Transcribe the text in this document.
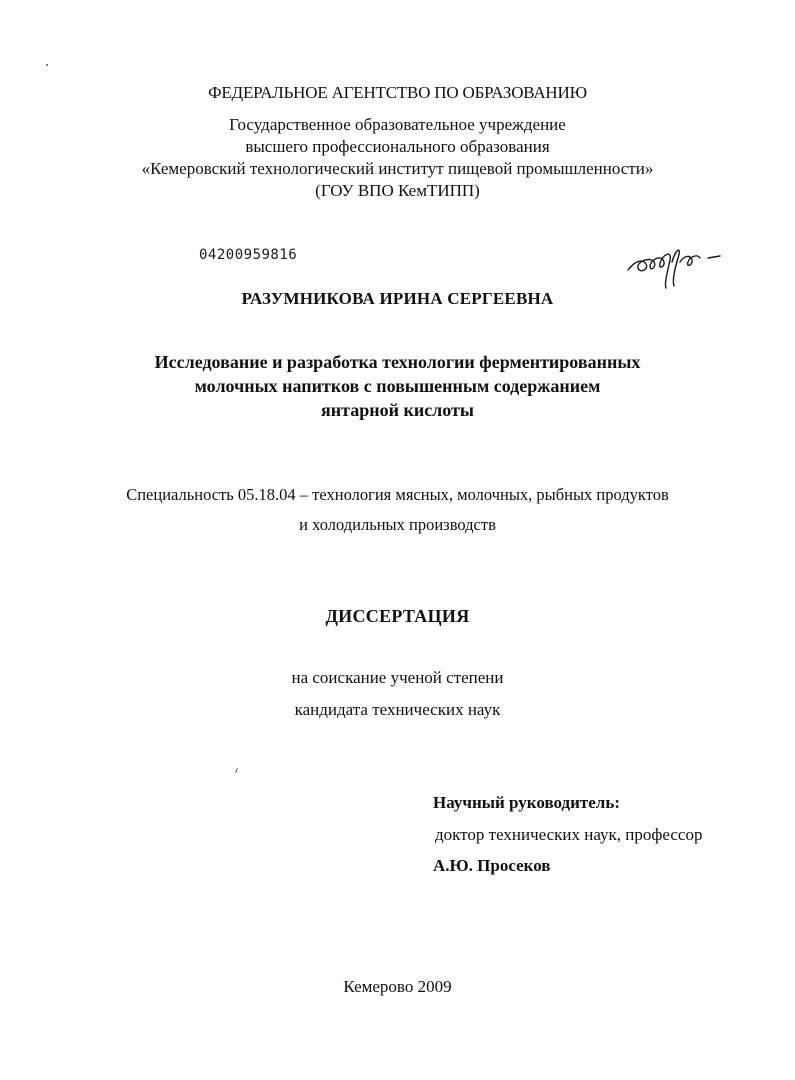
ФЕДЕРАЛЬНОЕ АГЕНТСТВО ПО ОБРАЗОВАНИЮ
Государственное образовательное учреждение
высшего профессионального образования
«Кемеровский технологический институт пищевой промышленности»
(ГОУ ВПО КемТИПП)
04200959816
РАЗУМНИКОВА ИРИНА СЕРГЕЕВНА
Исследование и разработка технологии ферментированных
молочных напитков с повышенным содержанием
янтарной кислоты
Специальность 05.18.04 – технология мясных, молочных, рыбных продуктов
и холодильных производств
ДИССЕРТАЦИЯ
на соискание ученой степени
кандидата технических наук
Научный руководитель:
доктор технических наук, профессор
А.Ю. Просеков
Кемерово 2009
